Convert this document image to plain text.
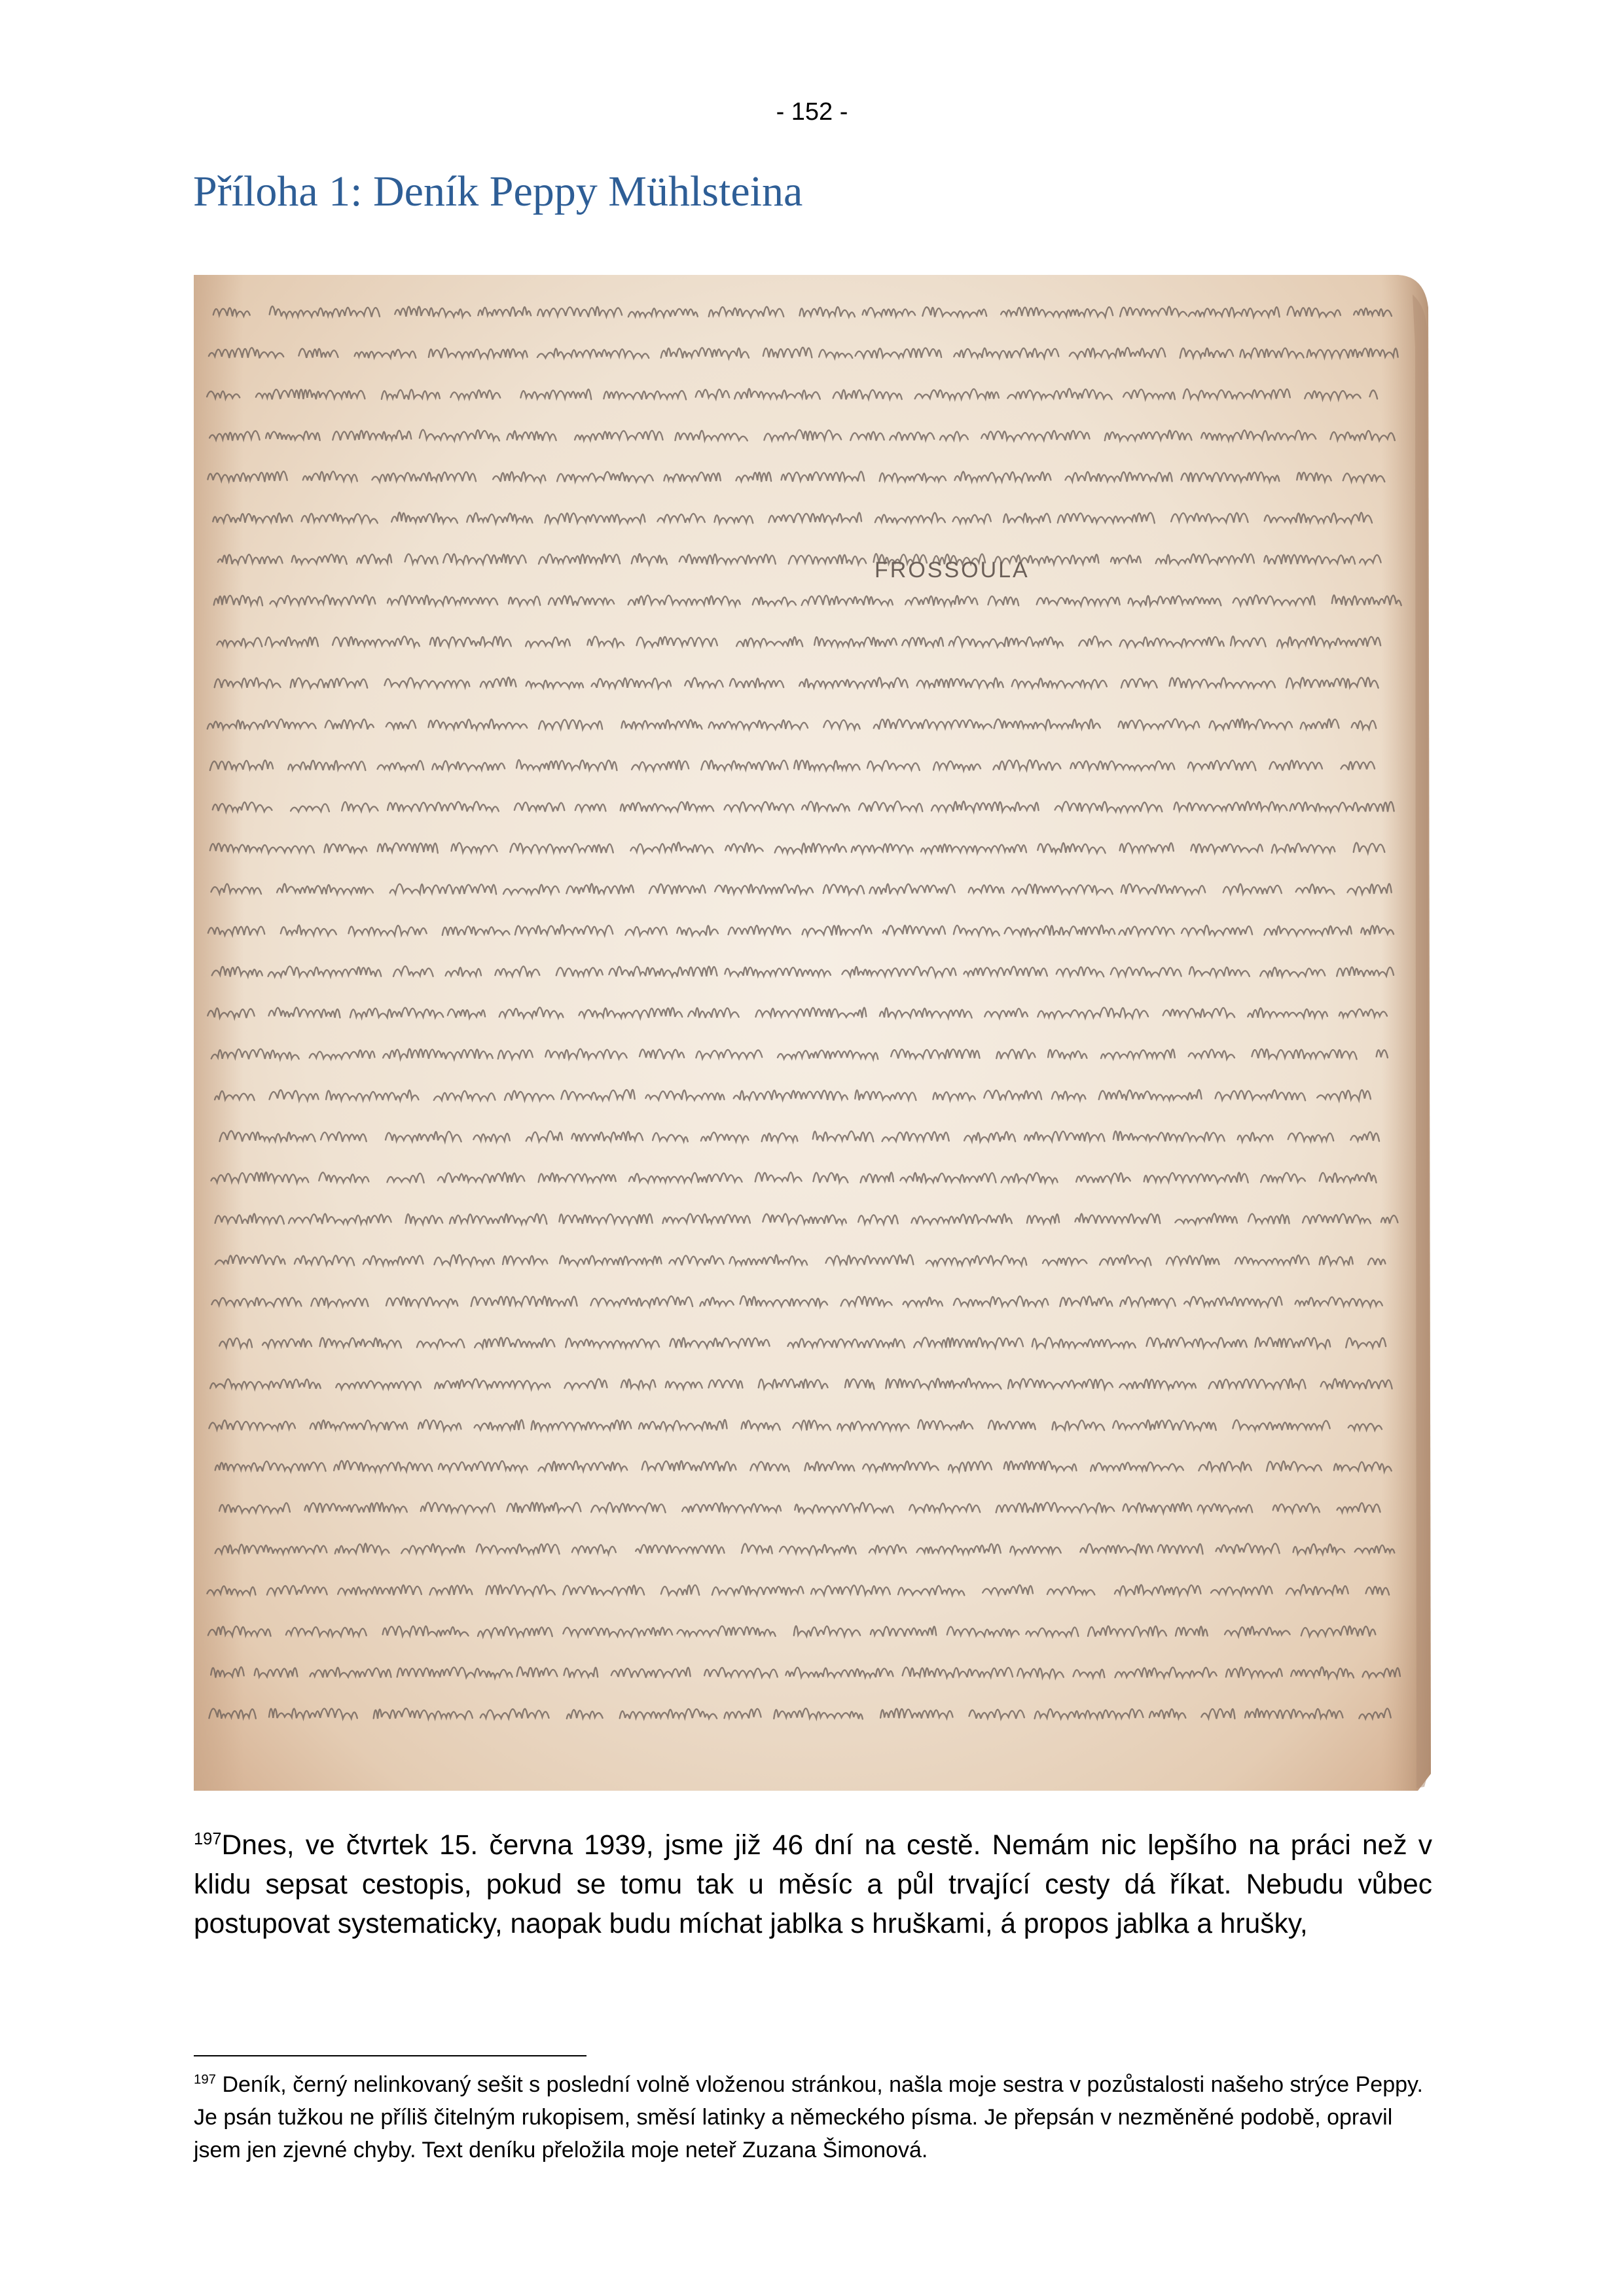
- 152 -
Příloha 1: Deník Peppy Mühlsteina
FROSSOULA

$^{197}$Dnes, ve čtvrtek 15. června 1939, jsme již 46 dní na cestě. Nemám nic lepšího na práci než v klidu sepsat cestopis, pokud se tomu tak u měsíc a půl trvající cesty dá říkat. Nebudu vůbec postupovat systematicky, naopak budu míchat jablka s hruškami, á propos jablka a hrušky,

$^{197}$ Deník, černý nelinkovaný sešit s poslední volně vloženou stránkou, našla moje sestra v pozůstalosti našeho strýce Peppy. Je psán tužkou ne příliš čitelným rukopisem, směsí latinky a německého písma. Je přepsán v nezměněné podobě, opravil jsem jen zjevné chyby. Text deníku přeložila moje neteř Zuzana Šimonová.
